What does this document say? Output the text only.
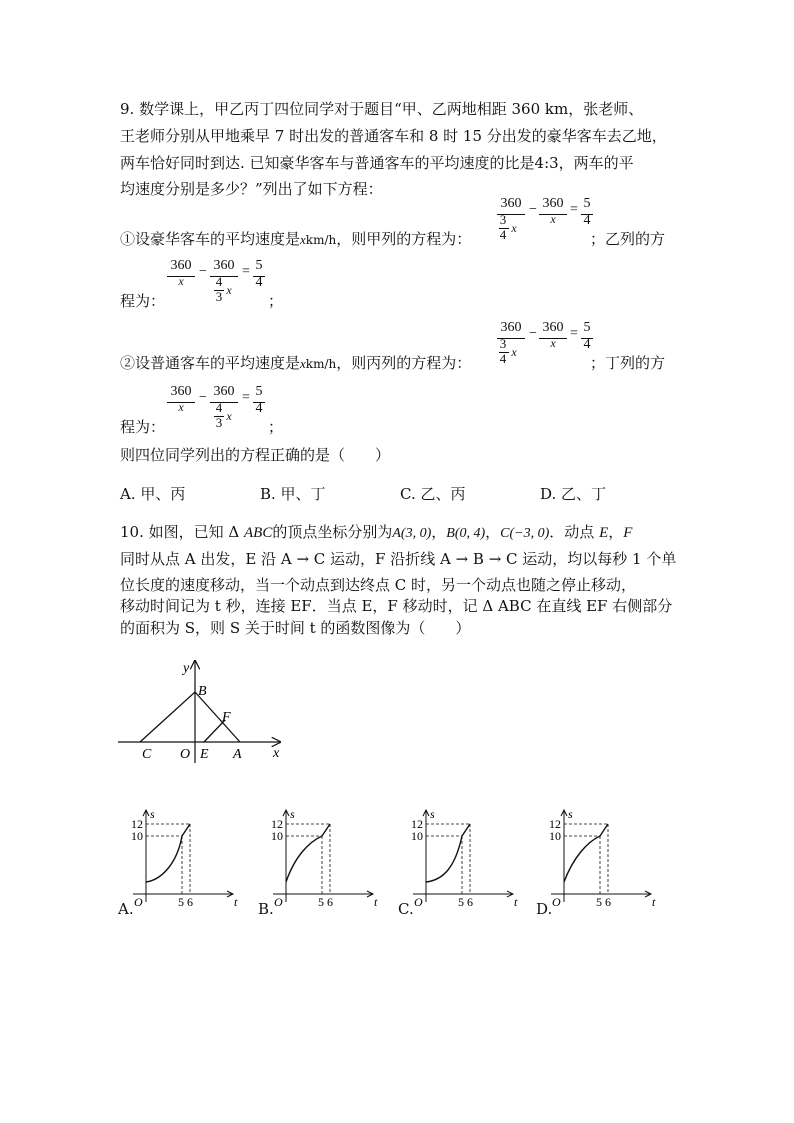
9. 数学课上，甲乙丙丁四位同学对于题目“甲、乙两地相距 360 km，张老师、
王老师分别从甲地乘早 7 时出发的普通客车和 8 时 15 分出发的豪华客车去乙地，
两车恰好同时到达. 已知豪华客车与普通客车的平均速度的比是4:3，两车的平
均速度分别是多少？”列出了如下方程：
①设豪华客车的平均速度是xkm/h，则甲列的方程为：	；乙列的方
360
3
4 x
− 360
x
= 5
4
360
x
− 360
4
3 x
= 5
4
程为：	；
②设普通客车的平均速度是xkm/h，则丙列的方程为：	；丁列的方
360
3
4 x
− 360
x
= 5
4
360
x
− 360
4
3 x
= 5
4
程为：	；
则四位同学列出的方程正确的是（　　）
A. 甲、丙	B. 甲、丁	C. 乙、丙	D. 乙、丁
10. 如图，已知 Δ ABC的顶点坐标分别为A(3, 0)，B(0, 4)，C(−3, 0)．动点 E，F
同时从点 A 出发，E 沿 A → C 运动，F 沿折线 A → B → C 运动，均以每秒 1 个单
位长度的速度移动，当一个动点到达终点 C 时，另一个动点也随之停止移动，
移动时间记为 t 秒，连接 EF．当点 E，F 移动时，记 Δ ABC 在直线 EF 右侧部分
的面积为 S，则 S 关于时间 t 的函数图像为（　　）
y
x
B
F
C O E A
A.
s
t
O
12
10
5 6	B.
s
t
O
12
10
5 6	C.
s
t
O
12
10
5 6	D.
s
t
O
12
10
5 6
